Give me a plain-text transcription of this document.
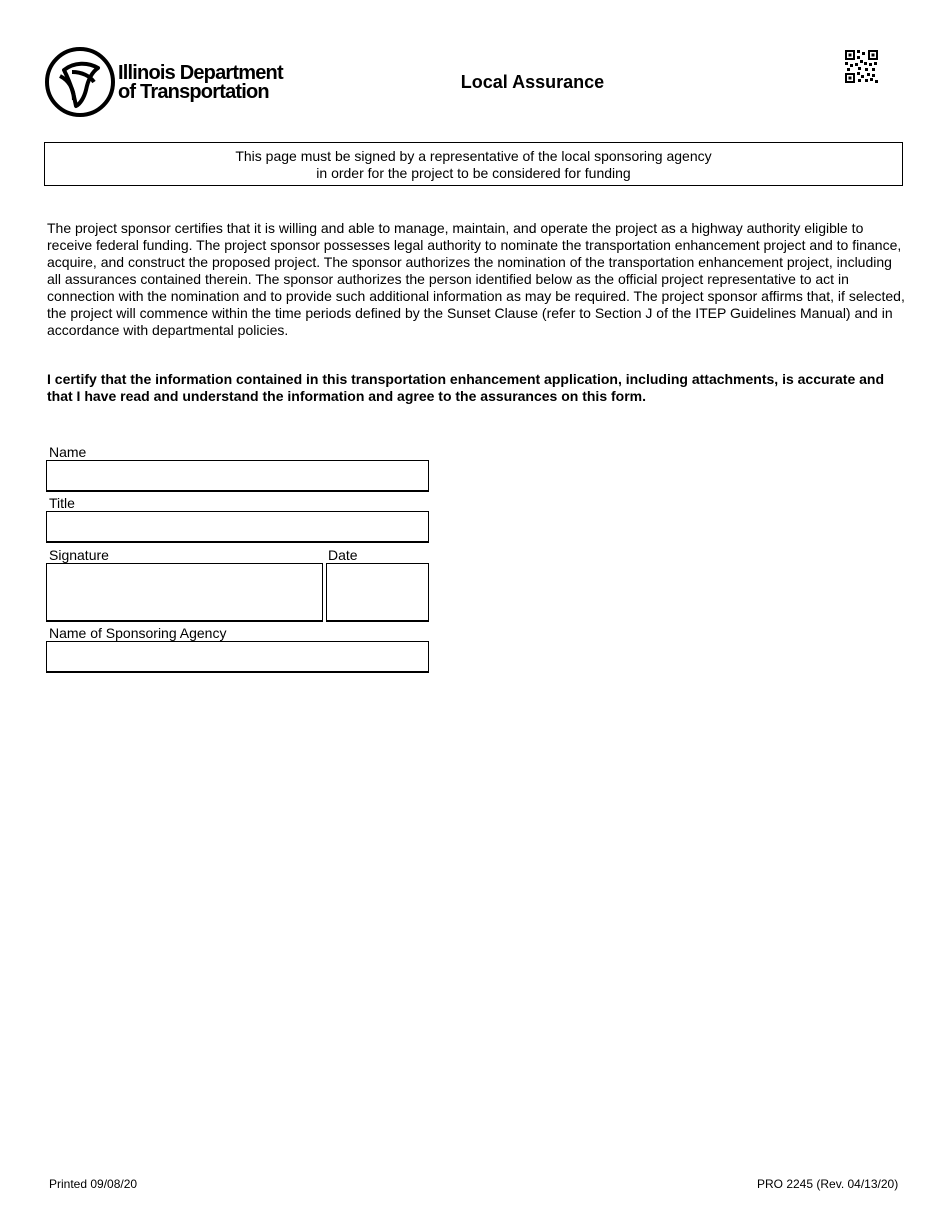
Illinois Department
of Transportation	Local Assurance
This page must be signed by a representative of the local sponsoring agency
in order for the project to be considered for funding

The project sponsor certifies that it is willing and able to manage, maintain, and operate the project as a highway authority eligible to receive federal funding. The project sponsor possesses legal authority to nominate the transportation enhancement project and to finance, acquire, and construct the proposed project. The sponsor authorizes the nomination of the transportation enhancement project, including all assurances contained therein. The sponsor authorizes the person identified below as the official project representative to act in connection with the nomination and to provide such additional information as may be required. The project sponsor affirms that, if selected, the project will commence within the time periods defined by the Sunset Clause (refer to Section J of the ITEP Guidelines Manual) and in accordance with departmental policies.

I certify that the information contained in this transportation enhancement application, including attachments, is accurate and that I have read and understand the information and agree to the assurances on this form.

Name
Title
Signature	Date
Name of Sponsoring Agency
Printed 09/08/20	PRO 2245 (Rev. 04/13/20)
